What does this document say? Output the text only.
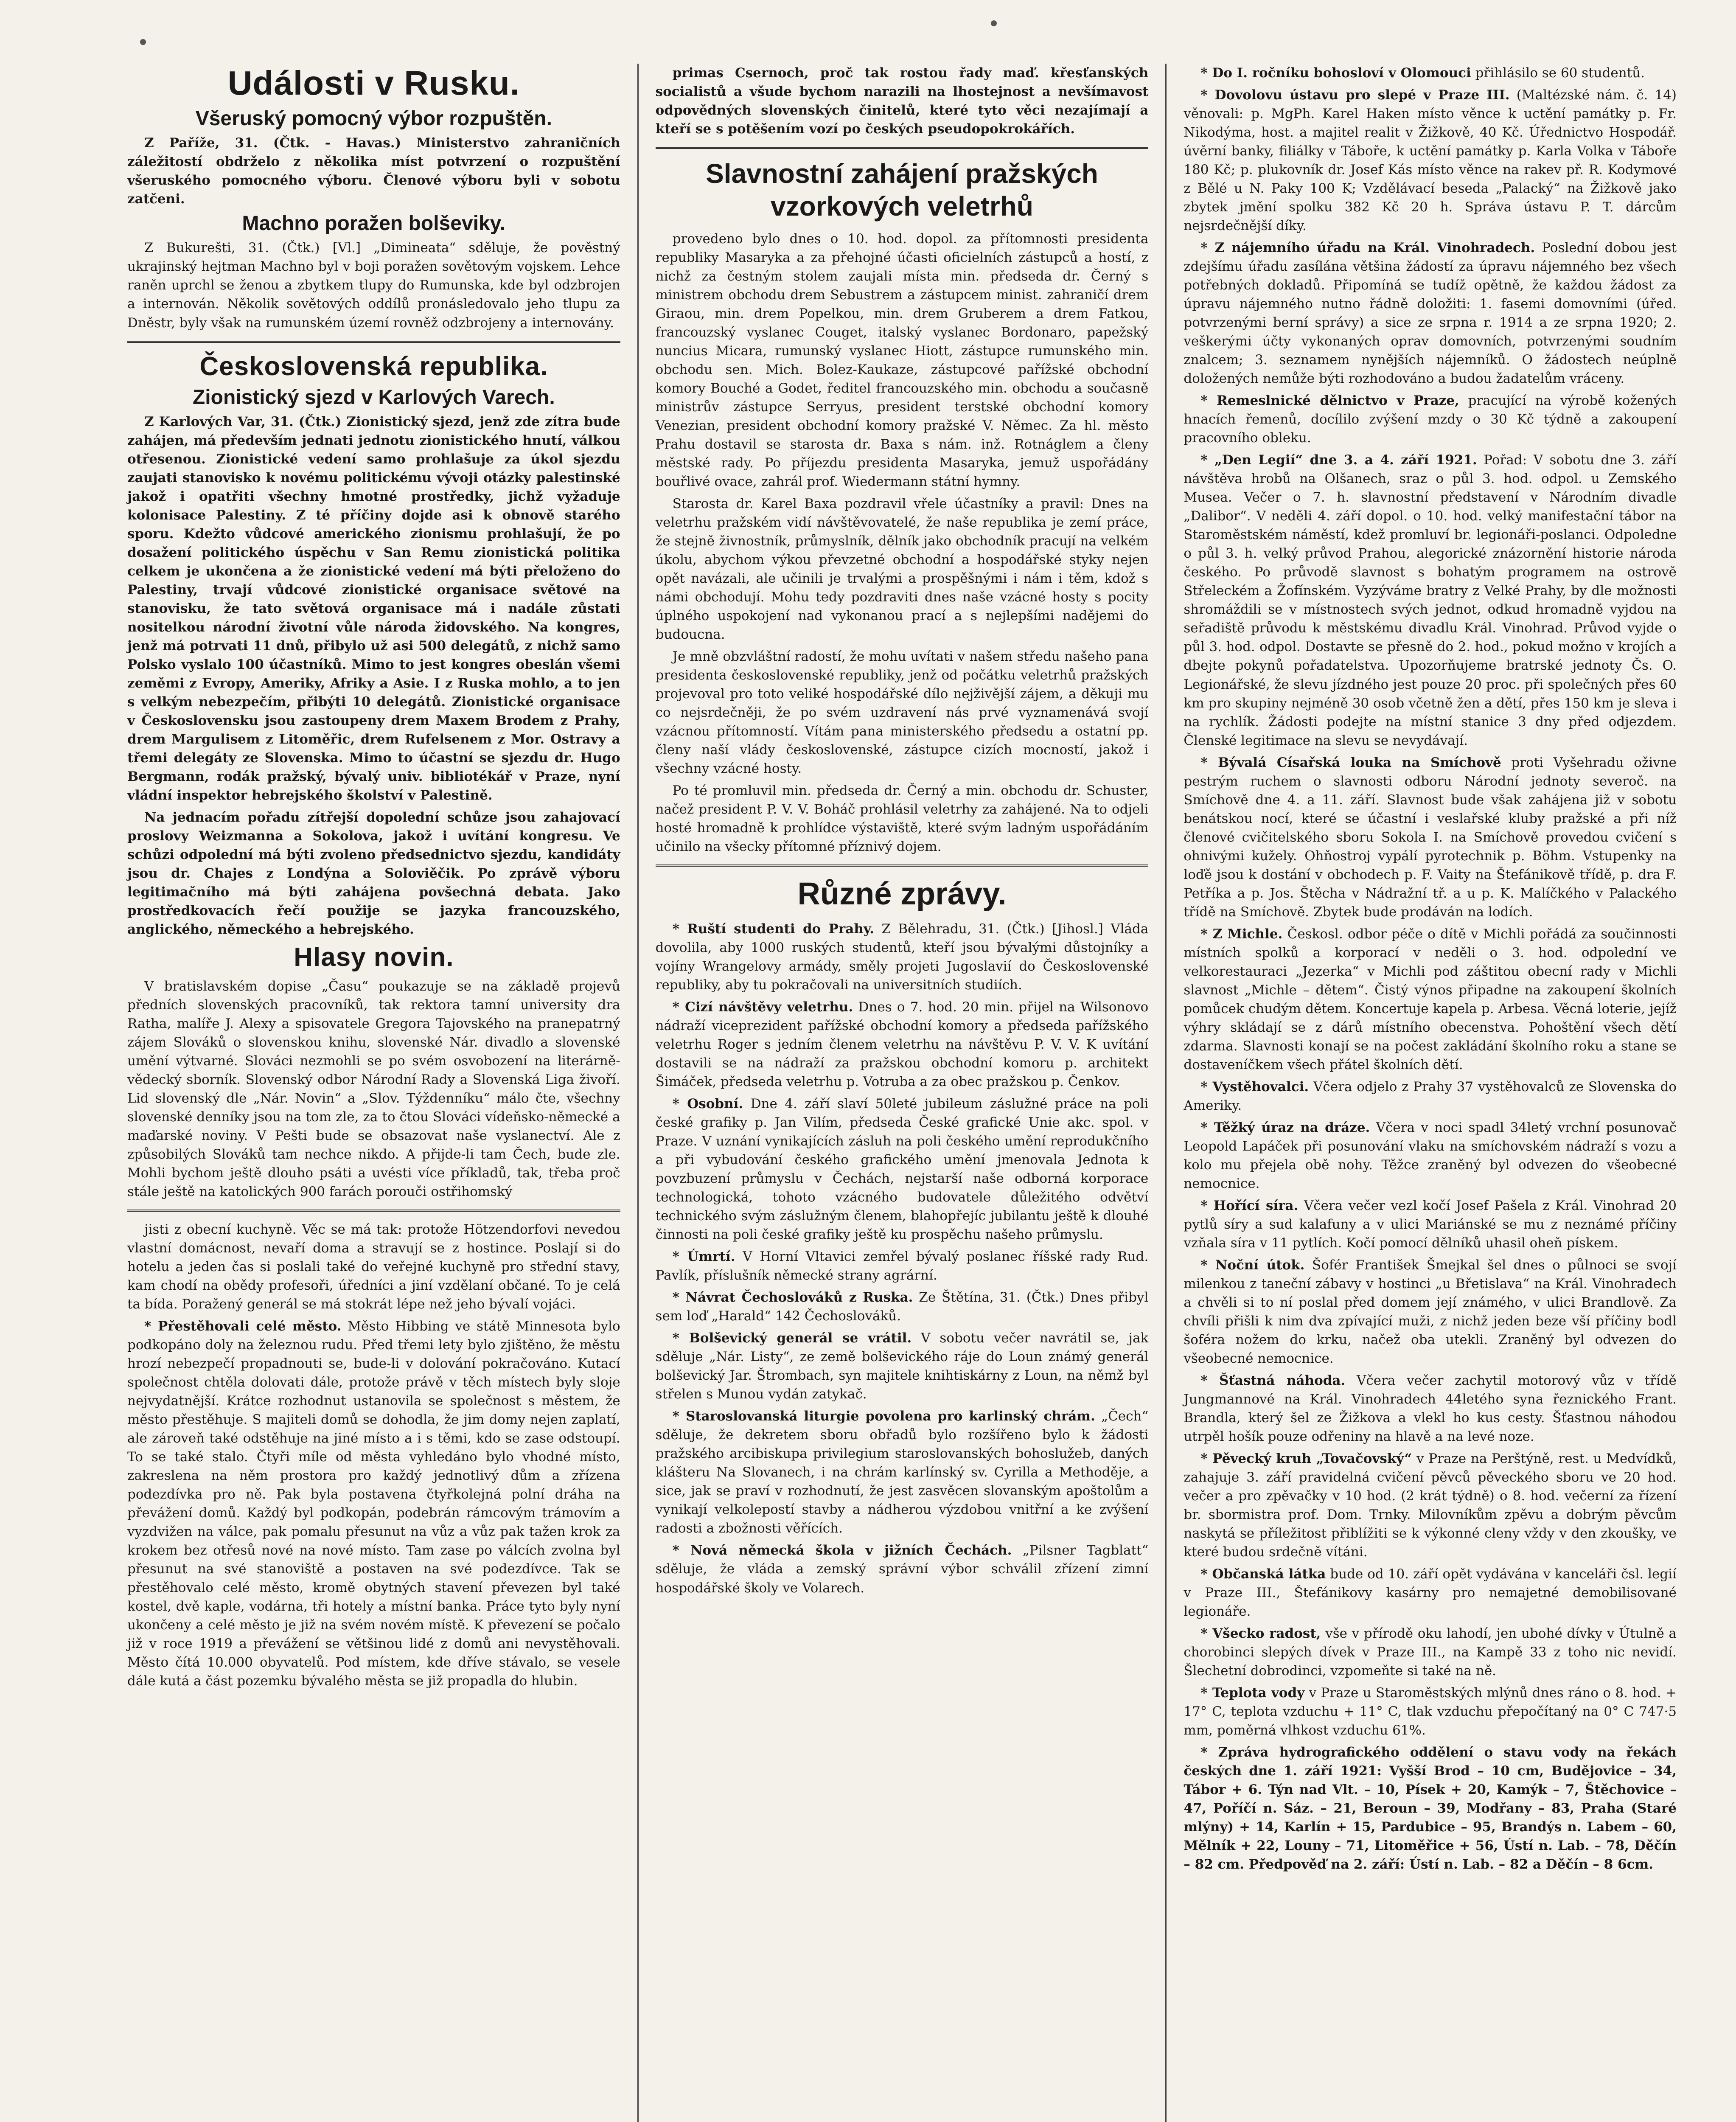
Události v Rusku.
Všeruský pomocný výbor rozpuštěn.

Z Paříže, 31. (Čtk. - Havas.) Ministerstvo zahraničních záležitostí obdrželo z několika míst potvrzení o rozpuštění všeruského pomocného výboru. Členové výboru byli v sobotu zatčeni.

Machno poražen bolševiky.

Z Bukurešti, 31. (Čtk.) [Vl.] „Dimineata“ sděluje, že pověstný ukrajinský hejtman Machno byl v boji poražen sovětovým vojskem. Lehce raněn uprchl se ženou a zbytkem tlupy do Rumunska, kde byl odzbrojen a internován. Několik sovětových oddílů pronásledovalo jeho tlupu za Dněstr, byly však na rumunském území rovněž odzbrojeny a internovány.

Československá republika.
Zionistický sjezd v Karlových Varech.

Z Karlových Var, 31. (Čtk.) Zionistický sjezd, jenž zde zítra bude zahájen, má především jednati jednotu zionistického hnutí, válkou otřesenou. Zionistické vedení samo prohlašuje za úkol sjezdu zaujati stanovisko k novému politickému vývoji otázky palestinské jakož i opatřiti všechny hmotné prostředky, jichž vyžaduje kolonisace Palestiny. Z té příčiny dojde asi k obnově starého sporu. Kdežto vůdcové amerického zionismu prohlašují, že po dosažení politického úspěchu v San Remu zionistická politika celkem je ukončena a že zionistické vedení má býti přeloženo do Palestiny, trvají vůdcové zionistické organisace světové na stanovisku, že tato světová organisace má i nadále zůstati nositelkou národní životní vůle národa židovského. Na kongres, jenž má potrvati 11 dnů, přibylo už asi 500 delegátů, z nichž samo Polsko vyslalo 100 účastníků. Mimo to jest kongres obeslán všemi zeměmi z Evropy, Ameriky, Afriky a Asie. I z Ruska mohlo, a to jen s velkým nebezpečím, přibýti 10 delegátů. Zionistické organisace v Československu jsou zastoupeny drem Maxem Brodem z Prahy, drem Margulisem z Litoměřic, drem Rufelsenem z Mor. Ostravy a třemi delegáty ze Slovenska. Mimo to účastní se sjezdu dr. Hugo Bergmann, rodák pražský, bývalý univ. bibliotékář v Praze, nyní vládní inspektor hebrejského školství v Palestině.

Na jednacím pořadu zítřejší dopolední schůze jsou zahajovací proslovy Weizmanna a Sokolova, jakož i uvítání kongresu. Ve schůzi odpolední má býti zvoleno předsednictvo sjezdu, kandidáty jsou dr. Chajes z Londýna a Soloviěčik. Po zprávě výboru legitimačního má býti zahájena povšechná debata. Jako prostředkovacích řečí použije se jazyka francouzského, anglického, německého a hebrejského.

Hlasy novin.

V bratislavském dopise „Času“ poukazuje se na základě projevů předních slovenských pracovníků, tak rektora tamní university dra Ratha, malíře J. Alexy a spisovatele Gregora Tajovského na pranepatrný zájem Slováků o slovenskou knihu, slovenské Nár. divadlo a slovenské umění výtvarné. Slováci nezmohli se po svém osvobození na literárně-vědecký sborník. Slovenský odbor Národní Rady a Slovenská Liga živoří. Lid slovenský dle „Nár. Novin“ a „Slov. Týždenníku“ málo čte, všechny slovenské denníky jsou na tom zle, za to čtou Slováci vídeňsko-německé a maďarské noviny. V Pešti bude se obsazovat naše vyslanectví. Ale z způsobilých Slováků tam nechce nikdo. A přijde-li tam Čech, bude zle. Mohli bychom ještě dlouho psáti a uvésti více příkladů, tak, třeba proč stále ještě na katolických 900 farách porouči ostřihomský

jisti z obecní kuchyně. Věc se má tak: protože Hötzendorfovi nevedou vlastní domácnost, nevaří doma a stravují se z hostince. Poslají si do hotelu a jeden čas si poslali také do veřejné kuchyně pro střední stavy, kam chodí na obědy profesoři, úředníci a jiní vzdělaní občané. To je celá ta bída. Poražený generál se má stokrát lépe než jeho bývalí vojáci.

* Přestěhovali celé město. Město Hibbing ve státě Minnesota bylo podkopáno doly na železnou rudu. Před třemi lety bylo zjištěno, že městu hrozí nebezpečí propadnouti se, bude-li v dolování pokračováno. Kutací společnost chtěla dolovati dále, protože právě v těch místech byly sloje nejvydatnější. Krátce rozhodnut ustanovila se společnost s městem, že město přestěhuje. S majiteli domů se dohodla, že jim domy nejen zaplatí, ale zároveň také odstěhuje na jiné místo a i s těmi, kdo se zase odstoupí. To se také stalo. Čtyři míle od města vyhledáno bylo vhodné místo, zakreslena na něm prostora pro každý jednotlivý dům a zřízena podezdívka pro ně. Pak byla postavena čtyřkolejná polní dráha na převážení domů. Každý byl podkopán, podebrán rámcovým trámovím a vyzdvižen na válce, pak pomalu přesunut na vůz a vůz pak tažen krok za krokem bez otřesů nové na nové místo. Tam zase po válcích zvolna byl přesunut na své stanoviště a postaven na své podezdívce. Tak se přestěhovalo celé město, kromě obytných stavení převezen byl také kostel, dvě kaple, vodárna, tři hotely a místní banka. Práce tyto byly nyní ukončeny a celé město je již na svém novém místě. K převezení se počalo již v roce 1919 a převážení se většinou lidé z domů ani nevystěhovali. Město čítá 10.000 obyvatelů. Pod místem, kde dříve stávalo, se vesele dále kutá a část pozemku bývalého města se již propadla do hlubin.

primas Csernoch, proč tak rostou řady maď. křesťanských socialistů a všude bychom narazili na lhostejnost a nevšímavost odpovědných slovenských činitelů, které tyto věci nezajímají a kteří se s potěšením vozí po českých pseudopokrokářích.

Slavnostní zahájení pražských vzorkových veletrhů

provedeno bylo dnes o 10. hod. dopol. za přítomnosti presidenta republiky Masaryka a za přehojné účasti oficielních zástupců a hostí, z nichž za čestným stolem zaujali místa min. předseda dr. Černý s ministrem obchodu drem Sebustrem a zástupcem minist. zahraničí drem Giraou, min. drem Popelkou, min. drem Gruberem a drem Fatkou, francouzský vyslanec Couget, italský vyslanec Bordonaro, papežský nuncius Micara, rumunský vyslanec Hiott, zástupce rumunského min. obchodu sen. Mich. Bolez-Kaukaze, zástupcové pařížské obchodní komory Bouché a Godet, ředitel francouzského min. obchodu a současně ministrův zástupce Serryus, president terstské obchodní komory Venezian, president obchodní komory pražské V. Němec. Za hl. město Prahu dostavil se starosta dr. Baxa s nám. inž. Rotnáglem a členy městské rady. Po příjezdu presidenta Masaryka, jemuž uspořádány bouřlivé ovace, zahrál prof. Wiedermann státní hymny.

Starosta dr. Karel Baxa pozdravil vřele účastníky a pravil: Dnes na veletrhu pražském vidí návštěvovatelé, že naše republika je zemí práce, že stejně živnostník, průmyslník, dělník jako obchodník pracují na velkém úkolu, abychom výkou převzetné obchodní a hospodářské styky nejen opět navázali, ale učinili je trvalými a prospěšnými i nám i těm, kdož s námi obchodují. Mohu tedy pozdraviti dnes naše vzácné hosty s pocity úplného uspokojení nad vykonanou prací a s nejlepšími nadějemi do budoucna.

Je mně obzvláštní radostí, že mohu uvítati v našem středu našeho pana presidenta československé republiky, jenž od počátku veletrhů pražských projevoval pro toto veliké hospodářské dílo nejživější zájem, a děkuji mu co nejsrdečněji, že po svém uzdravení nás prvé vyznamenává svojí vzácnou přítomností. Vítám pana ministerského předsedu a ostatní pp. členy naší vlády československé, zástupce cizích mocností, jakož i všechny vzácné hosty.

Po té promluvil min. předseda dr. Černý a min. obchodu dr. Schuster, načež president P. V. V. Boháč prohlásil veletrhy za zahájené. Na to odjeli hosté hromadně k prohlídce výstaviště, které svým ladným uspořádáním učinilo na všecky přítomné příznivý dojem.

Různé zprávy.

* Ruští studenti do Prahy. Z Bělehradu, 31. (Čtk.) [Jihosl.] Vláda dovolila, aby 1000 ruských studentů, kteří jsou bývalými důstojníky a vojíny Wrangelovy armády, směly projeti Jugoslavií do Československé republiky, aby tu pokračovali na universitních studiích.

* Cizí návštěvy veletrhu. Dnes o 7. hod. 20 min. přijel na Wilsonovo nádraží viceprezident pařížské obchodní komory a předseda pařížského veletrhu Roger s jedním členem veletrhu na návštěvu P. V. V. K uvítání dostavili se na nádraží za pražskou obchodní komoru p. architekt Šimáček, předseda veletrhu p. Votruba a za obec pražskou p. Čenkov.

* Osobní. Dne 4. září slaví 50leté jubileum záslužné práce na poli české grafiky p. Jan Vilím, předseda České grafické Unie akc. spol. v Praze. V uznání vynikajících zásluh na poli českého umění reprodukčního a při vybudování českého grafického umění jmenovala Jednota k povzbuzení průmyslu v Čechách, nejstarší naše odborná korporace technologická, tohoto vzácného budovatele důležitého odvětví technického svým záslužným členem, blahopřejíc jubilantu ještě k dlouhé činnosti na poli české grafiky ještě ku prospěchu našeho průmyslu.

* Úmrtí. V Horní Vltavici zemřel bývalý poslanec říšské rady Rud. Pavlík, příslušník německé strany agrární.

* Návrat Čechoslováků z Ruska. Ze Štětína, 31. (Čtk.) Dnes přibyl sem loď „Harald“ 142 Čechoslováků.

* Bolševický generál se vrátil. V sobotu večer navrátil se, jak sděluje „Nár. Listy“, ze země bolševického ráje do Loun známý generál bolševický Jar. Štrombach, syn majitele knihtiskárny z Loun, na němž byl střelen s Munou vydán zatykač.

* Staroslovanská liturgie povolena pro karlinský chrám. „Čech“ sděluje, že dekretem sboru obřadů bylo rozšířeno bylo k žádosti pražského arcibiskupa privilegium staroslovanských bohoslužeb, daných klášteru Na Slovanech, i na chrám karlínský sv. Cyrilla a Methoděje, a sice, jak se praví v rozhodnutí, že jest zasvěcen slovanským apoštolům a vynikají velkolepostí stavby a nádherou výzdobou vnitřní a ke zvýšení radosti a zbožnosti věřících.

* Nová německá škola v jižních Čechách. „Pilsner Tagblatt“ sděluje, že vláda a zemský správní výbor schválil zřízení zimní hospodářské školy ve Volarech.

* Do I. ročníku bohosloví v Olomouci přihlásilo se 60 studentů.

* Dovolovu ústavu pro slepé v Praze III. (Maltézské nám. č. 14) věnovali: p. MgPh. Karel Haken místo věnce k uctění památky p. Fr. Nikodýma, host. a majitel realit v Žižkově, 40 Kč. Úřednictvo Hospodář. úvěrní banky, filiálky v Táboře, k uctění památky p. Karla Volka v Táboře 180 Kč; p. plukovník dr. Josef Kás místo věnce na rakev př. R. Kodymové z Bělé u N. Paky 100 K; Vzdělávací beseda „Palacký“ na Žižkově jako zbytek jmění spolku 382 Kč 20 h. Správa ústavu P. T. dárcům nejsrdečnější díky.

* Z nájemního úřadu na Král. Vinohradech. Poslední dobou jest zdejšímu úřadu zasílána většina žádostí za úpravu nájemného bez všech potřebných dokladů. Připomíná se tudíž opětně, že každou žádost za úpravu nájemného nutno řádně doložiti: 1. fasemi domovními (úřed. potvrzenými berní správy) a sice ze srpna r. 1914 a ze srpna 1920; 2. veškerými účty vykonaných oprav domovních, potvrzenými soudním znalcem; 3. seznamem nynějších nájemníků. O žádostech neúplně doložených nemůže býti rozhodováno a budou žadatelům vráceny.

* Remeslnické dělnictvo v Praze, pracující na výrobě kožených hnacích řemenů, docílilo zvýšení mzdy o 30 Kč týdně a zakoupení pracovního obleku.

* „Den Legií“ dne 3. a 4. září 1921. Pořad: V sobotu dne 3. září návštěva hrobů na Olšanech, sraz o půl 3. hod. odpol. u Zemského Musea. Večer o 7. h. slavnostní představení v Národním divadle „Dalibor“. V neděli 4. září dopol. o 10. hod. velký manifestační tábor na Staroměstském náměstí, kdež promluví br. legionáři-poslanci. Odpoledne o půl 3. h. velký průvod Prahou, alegorické znázornění historie národa českého. Po průvodě slavnost s bohatým programem na ostrově Střeleckém a Žofínském. Vyzýváme bratry z Velké Prahy, by dle možnosti shromáždili se v místnostech svých jednot, odkud hromadně vyjdou na seřadiště průvodu k městskému divadlu Král. Vinohrad. Průvod vyjde o půl 3. hod. odpol. Dostavte se přesně do 2. hod., pokud možno v krojích a dbejte pokynů pořadatelstva. Upozorňujeme bratrské jednoty Čs. O. Legionářské, že slevu jízdného jest pouze 20 proc. při společných přes 60 km pro skupiny nejméně 30 osob včetně žen a dětí, přes 150 km je sleva i na rychlík. Žádosti podejte na místní stanice 3 dny před odjezdem. Členské legitimace na slevu se nevydávají.

* Bývalá Císařská louka na Smíchově proti Vyšehradu oživne pestrým ruchem o slavnosti odboru Národní jednoty severoč. na Smíchově dne 4. a 11. září. Slavnost bude však zahájena již v sobotu benátskou nocí, které se účastní i veslařské kluby pražské a při níž členové cvičitelského sboru Sokola I. na Smíchově provedou cvičení s ohnivými kužely. Ohňostroj vypálí pyrotechnik p. Böhm. Vstupenky na loďě jsou k dostání v obchodech p. F. Vaity na Štefánikově třídě, p. dra F. Petříka a p. Jos. Štěcha v Nádražní tř. a u p. K. Malíčkého v Palackého třídě na Smíchově. Zbytek bude prodáván na lodích.

* Z Michle. Českosl. odbor péče o dítě v Michli pořádá za součinnosti místních spolků a korporací v neděli o 3. hod. odpolední ve velkorestauraci „Jezerka“ v Michli pod záštitou obecní rady v Michli slavnost „Michle – dětem“. Čistý výnos připadne na zakoupení školních pomůcek chudým dětem. Koncertuje kapela p. Arbesa. Věcná loterie, jejíž výhry skládají se z dárů místního obecenstva. Pohoštění všech dětí zdarma. Slavnosti konají se na počest zakládání školního roku a stane se dostaveníčkem všech přátel školních dětí.

* Vystěhovalci. Včera odjelo z Prahy 37 vystěhovalců ze Slovenska do Ameriky.

* Těžký úraz na dráze. Včera v noci spadl 34letý vrchní posunovač Leopold Lapáček při posunování vlaku na smíchovském nádraží s vozu a kolo mu přejela obě nohy. Těžce zraněný byl odvezen do všeobecné nemocnice.

* Hořící síra. Včera večer vezl kočí Josef Pašela z Král. Vinohrad 20 pytlů síry a sud kalafuny a v ulici Mariánské se mu z neznámé příčiny vzňala síra v 11 pytlích. Kočí pomocí dělníků uhasil oheň pískem.

* Noční útok. Šofér František Šmejkal šel dnes o půlnoci se svojí milenkou z taneční zábavy v hostinci „u Břetislava“ na Král. Vinohradech a chvěli si to ní poslal před domem její známého, v ulici Brandlově. Za chvíli přišli k nim dva zpívající muži, z nichž jeden beze vší příčiny bodl šoféra nožem do krku, načež oba utekli. Zraněný byl odvezen do všeobecné nemocnice.

* Šťastná náhoda. Včera večer zachytil motorový vůz v třídě Jungmannové na Král. Vinohradech 44letého syna řeznického Frant. Brandla, který šel ze Žižkova a vlekl ho kus cesty. Šťastnou náhodou utrpěl hošík pouze odřeniny na hlavě a na levé noze.

* Pěvecký kruh „Tovačovský“ v Praze na Perštýně, rest. u Medvídků, zahajuje 3. září pravidelná cvičení pěvců pěveckého sboru ve 20 hod. večer a pro zpěvačky v 10 hod. (2 krát týdně) o 8. hod. večerní za řízení br. sbormistra prof. Dom. Trnky. Milovníkům zpěvu a dobrým pěvcům naskytá se příležitost přiblížiti se k výkonné cleny vždy v den zkoušky, ve které budou srdečně vítáni.

* Občanská látka bude od 10. září opět vydávána v kanceláři čsl. legií v Praze III., Štefánikovy kasárny pro nemajetné demobilisované legionáře.

* Všecko radost, vše v přírodě oku lahodí, jen ubohé dívky v Útulně a chorobinci slepých dívek v Praze III., na Kampě 33 z toho nic nevidí. Šlechetní dobrodinci, vzpomeňte si také na ně.

* Teplota vody v Praze u Staroměstských mlýnů dnes ráno o 8. hod. + 17° C, teplota vzduchu + 11° C, tlak vzduchu přepočítaný na 0° C 747·5 mm, poměrná vlhkost vzduchu 61%.

* Zpráva hydrografického oddělení o stavu vody na řekách českých dne 1. září 1921: Vyšší Brod – 10 cm, Budějovice – 34, Tábor + 6. Týn nad Vlt. – 10, Písek + 20, Kamýk – 7, Štěchovice – 47, Poříčí n. Sáz. – 21, Beroun – 39, Modřany – 83, Praha (Staré mlýny) + 14, Karlín + 15, Pardubice – 95, Brandýs n. Labem – 60, Mělník + 22, Louny – 71, Litoměřice + 56, Ústí n. Lab. – 78, Děčín – 82 cm. Předpověď na 2. září: Ústí n. Lab. – 82 a Děčín – 8 6cm.
